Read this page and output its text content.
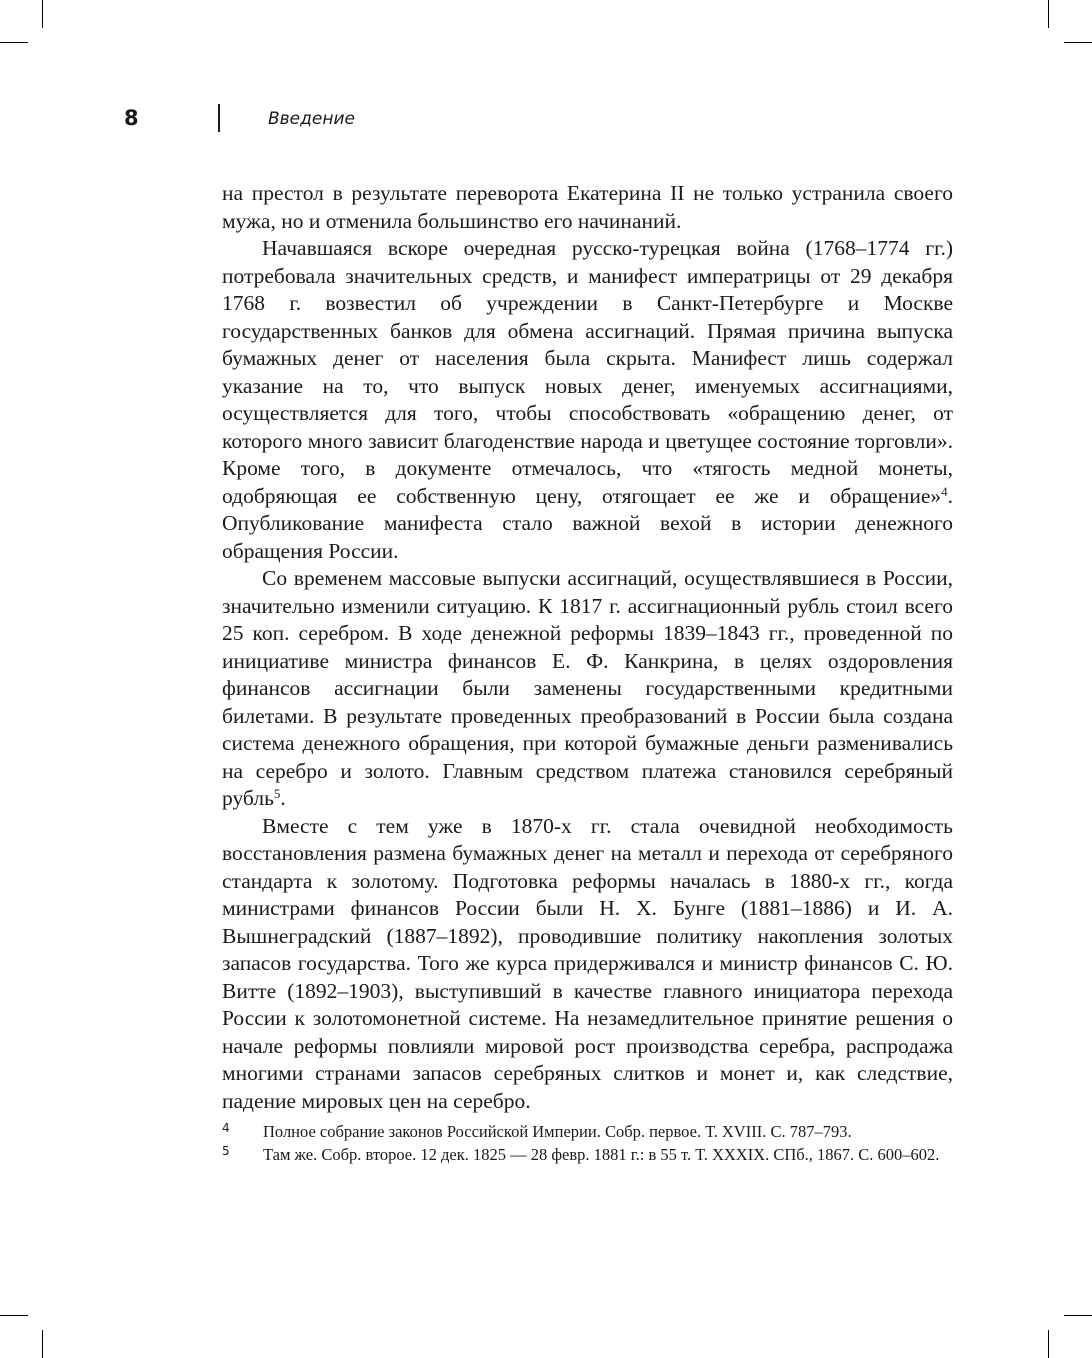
8	Введение

на престол в результате переворота Екатерина II не только устранила своего мужа, но и отменила большинство его начинаний.

Начавшаяся вскоре очередная русско-турецкая война (1768–1774 гг.) потребовала значительных средств, и манифест императрицы от 29 декабря 1768 г. возвестил об учреждении в Санкт-Петербурге и Москве государственных банков для обмена ассигнаций. Прямая причина выпуска бумажных денег от населения была скрыта. Манифест лишь содержал указание на то, что выпуск новых денег, именуемых ассигнациями, осуществляется для того, чтобы способствовать «обращению денег, от которого много зависит благоденствие народа и цветущее состояние торговли». Кроме того, в документе отмечалось, что «тягость медной монеты, одобряющая ее собственную цену, отягощает ее же и обращение»$^4$. Опубликование манифеста стало важной вехой в истории денежного обращения России.

Со временем массовые выпуски ассигнаций, осуществлявшиеся в России, значительно изменили ситуацию. К 1817 г. ассигнационный рубль стоил всего 25 коп. серебром. В ходе денежной реформы 1839–1843 гг., проведенной по инициативе министра финансов Е. Ф. Канкрина, в целях оздоровления финансов ассигнации были заменены государственными кредитными билетами. В результате проведенных преобразований в России была создана система денежного обращения, при которой бумажные деньги разменивались на серебро и золото. Главным средством платежа становился серебряный рубль$^5$.

Вместе с тем уже в 1870-х гг. стала очевидной необходимость восстановления размена бумажных денег на металл и перехода от серебряного стандарта к золотому. Подготовка реформы началась в 1880-х гг., когда министрами финансов России были Н. Х. Бунге (1881–1886) и И. А. Вышнеградский (1887–1892), проводившие политику накопления золотых запасов государства. Того же курса придерживался и министр финансов С. Ю. Витте (1892–1903), выступивший в качестве главного инициатора перехода России к золотомонетной системе. На незамедлительное принятие решения о начале реформы повлияли мировой рост производства серебра, распродажа многими странами запасов серебряных слитков и монет и, как следствие, падение мировых цен на серебро.

4 Полное собрание законов Российской Империи. Собр. первое. Т. XVIII. С. 787–793.

5 Там же. Собр. второе. 12 дек. 1825 — 28 февр. 1881 г.: в 55 т. Т. XXXIX. СПб., 1867. С. 600–602.
